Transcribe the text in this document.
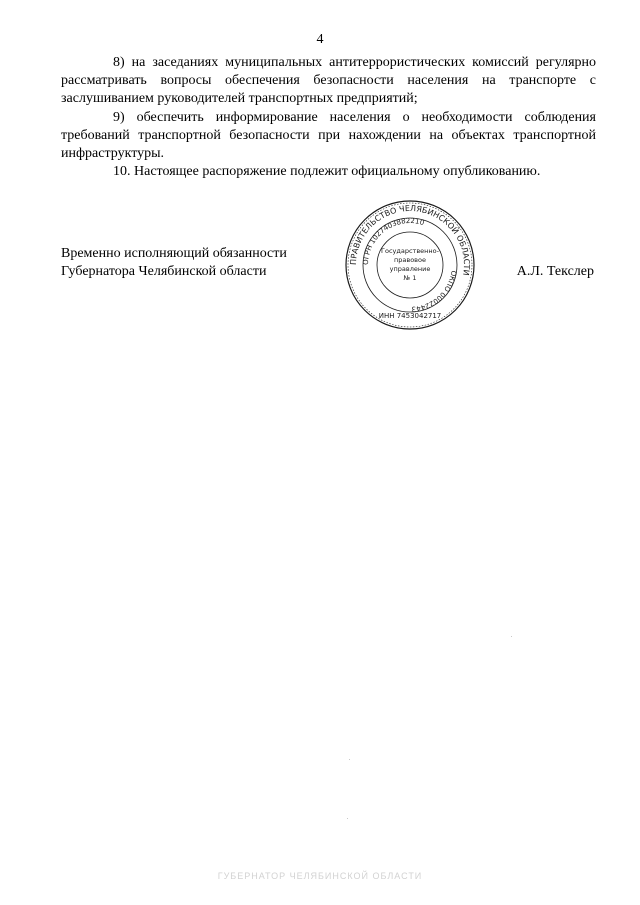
4

8) на заседаниях муниципальных антитеррористических комиссий регулярно рассматривать вопросы обеспечения безопасности населения на транспорте с заслушиванием руководителей транспортных предприятий;

9) обеспечить информирование населения о необходимости соблюдения требований транспортной безопасности при нахождении на объектах транспортной инфраструктуры.

10. Настоящее распоряжение подлежит официальному опубликованию.

Временно исполняющий обязанности
Губернатора Челябинской области	А.Л. Текслер
ПРАВИТЕЛЬСТВО ЧЕЛЯБИНСКОЙ ОБЛАСТИ
ОГРН 1027403882210
ОКПО 00022443
ИНН 7453042717
Государственно-
правовое
управление
№ 1
ГУБЕРНАТОР ЧЕЛЯБИНСКОЙ ОБЛАСТИ
